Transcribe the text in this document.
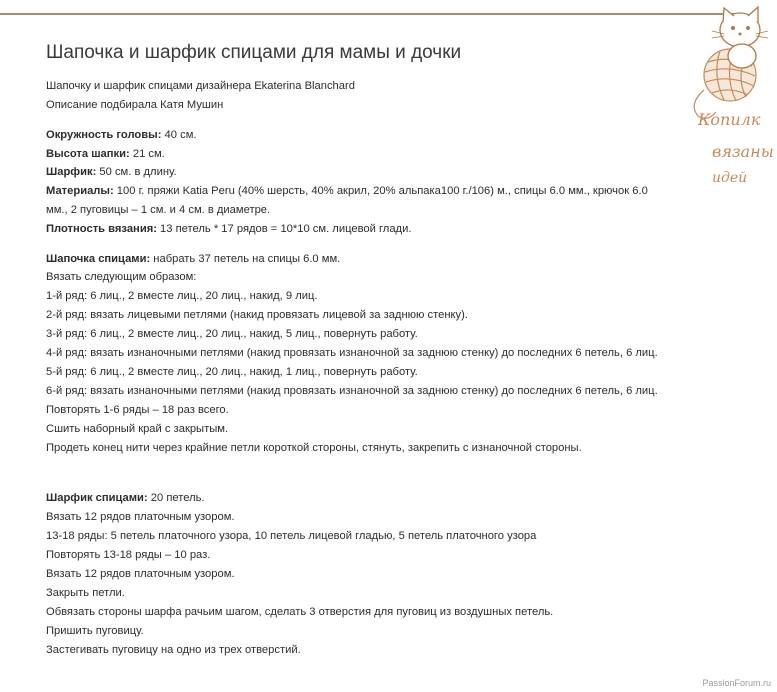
Шапочка и шарфик спицами для мамы и дочки
Шапочку и шарфик спицами дизайнера Ekaterina Blanchard
Описание подбирала Катя Мушин
Окружность головы: 40 см.
Высота шапки: 21 см.
Шарфик: 50 см. в длину.
Материалы: 100 г. пряжи Katia Peru (40% шерсть, 40% акрил, 20% альпака100 г./106) м., спицы 6.0 мм., крючок 6.0
мм., 2 пуговицы – 1 см. и 4 см. в диаметре.
Плотность вязания: 13 петель * 17 рядов = 10*10 см. лицевой глади.
Шапочка спицами: набрать 37 петель на спицы 6.0 мм.
Вязать следующим образом:
1-й ряд: 6 лиц., 2 вместе лиц., 20 лиц., накид, 9 лиц.
2-й ряд: вязать лицевыми петлями (накид провязать лицевой за заднюю стенку).
3-й ряд: 6 лиц., 2 вместе лиц., 20 лиц., накид, 5 лиц., повернуть работу.
4-й ряд: вязать изнаночными петлями (накид провязать изнаночной за заднюю стенку) до последних 6 петель, 6 лиц.
5-й ряд: 6 лиц., 2 вместе лиц., 20 лиц., накид, 1 лиц., повернуть работу.
6-й ряд: вязать изнаночными петлями (накид провязать изнаночной за заднюю стенку) до последних 6 петель, 6 лиц.
Повторять 1-6 ряды – 18 раз всего.
Сшить наборный край с закрытым.
Продеть конец нити через крайние петли короткой стороны, стянуть, закрепить с изнаночной стороны.
Шарфик спицами: 20 петель.
Вязать 12 рядов платочным узором.
13-18 ряды: 5 петель платочного узора, 10 петель лицевой гладью, 5 петель платочного узора
Повторять 13-18 ряды – 10 раз.
Вязать 12 рядов платочным узором.
Закрыть петли.
Обвязать стороны шарфа рачьим шагом, сделать 3 отверстия для пуговиц из воздушных петель.
Пришить пуговицу.
Застегивать пуговицу на одно из трех отверстий.
Копилк
вязаны
идей
PassionForum.ru
